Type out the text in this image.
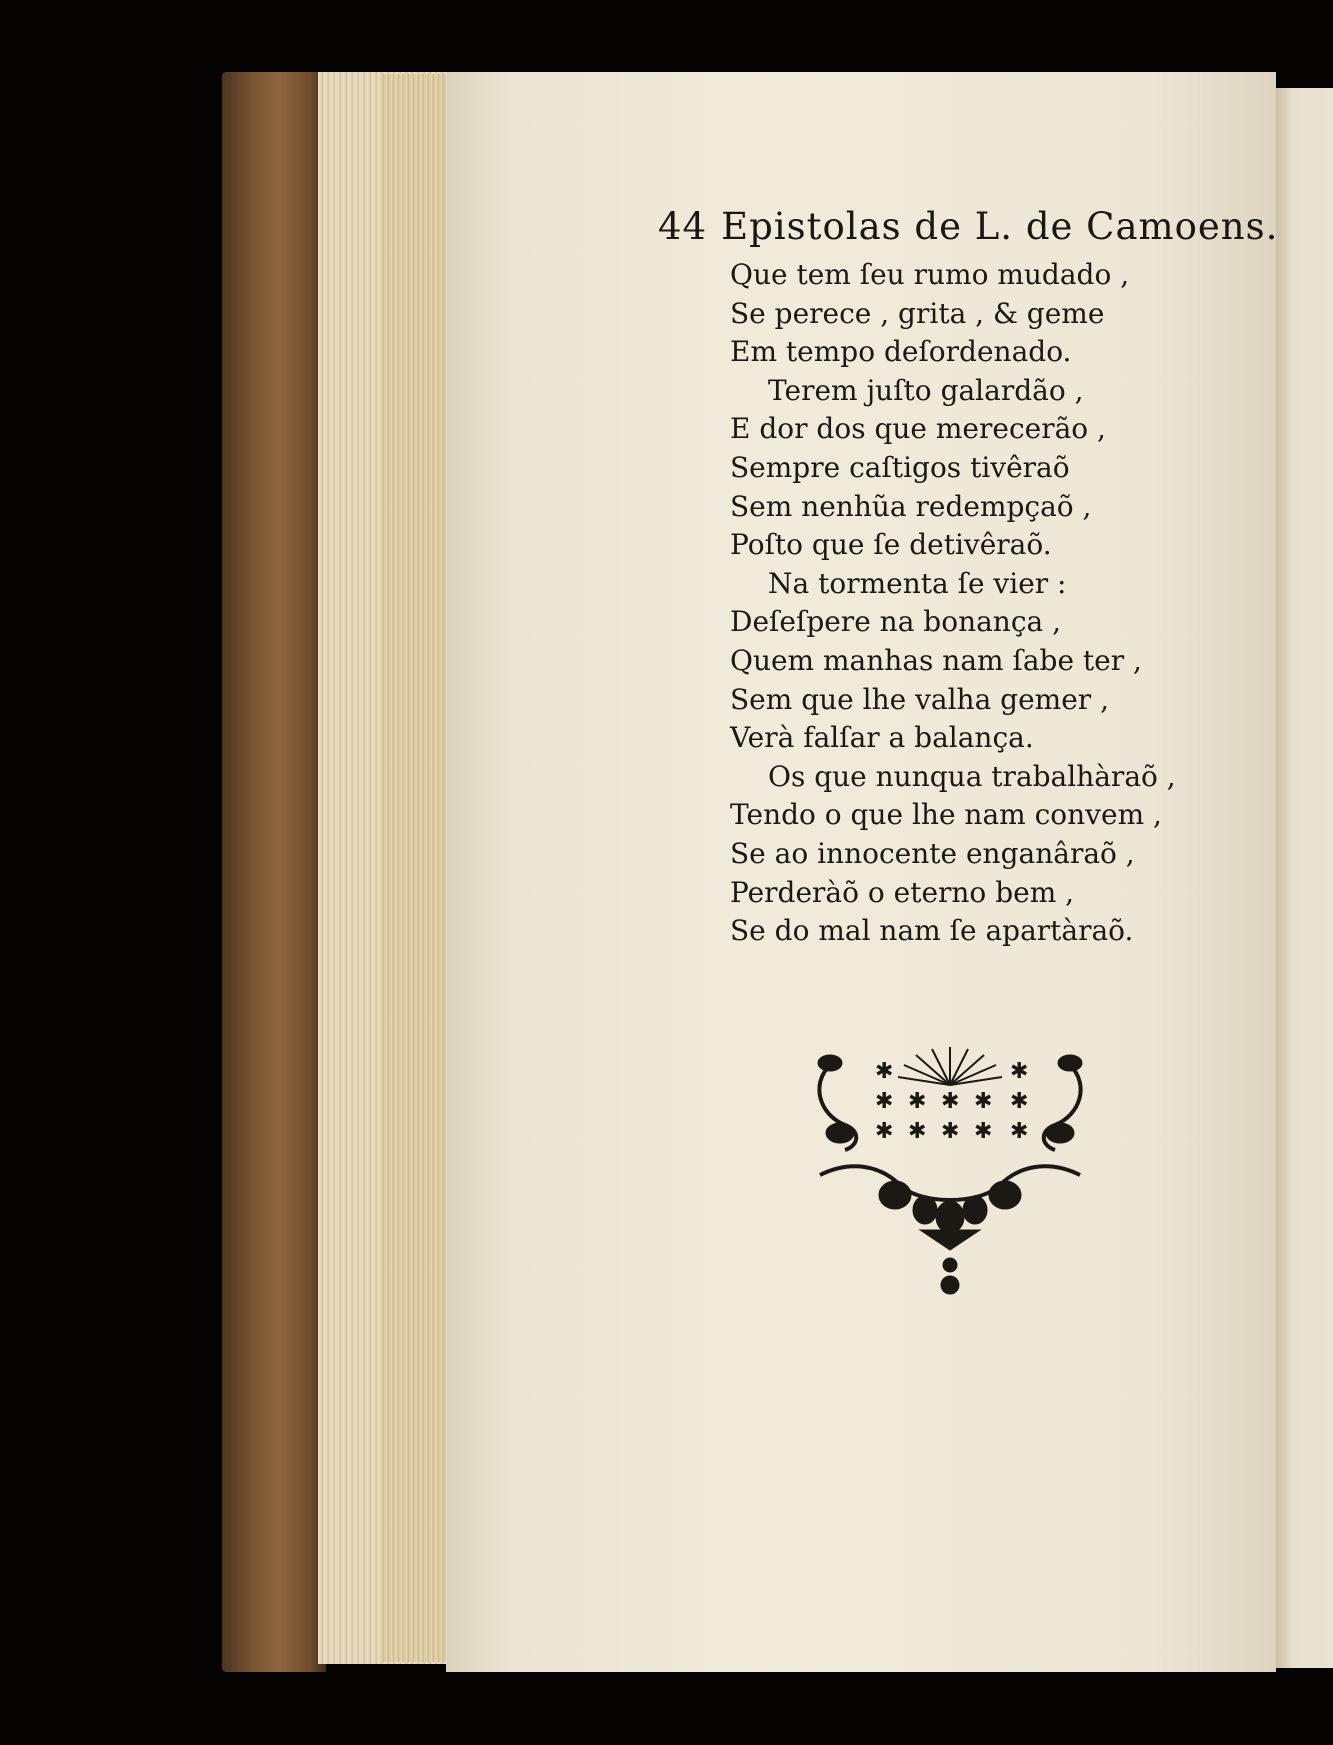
44 Epistolas de L. de Camoens.
Que tem ſeu rumo mudado ,
Se perece , grita , & geme
Em tempo deſordenado.
Terem juſto galardão ,
E dor dos que merecerão ,
Sempre caſtigos tivêraõ
Sem nenhũa redempçaõ ,
Poſto que ſe detivêraõ.
Na tormenta ſe vier :
Deſeſpere na bonança ,
Quem manhas nam ſabe ter ,
Sem que lhe valha gemer ,
Verà falſar a balança.
Os que nunqua trabalhàraõ ,
Tendo o que lhe nam convem ,
Se ao innocente enganâraõ ,
Perderàõ o eterno bem ,
Se do mal nam ſe apartàraõ.
✱	✱
✱ ✱ ✱ ✱ ✱
✱ ✱ ✱ ✱ ✱
